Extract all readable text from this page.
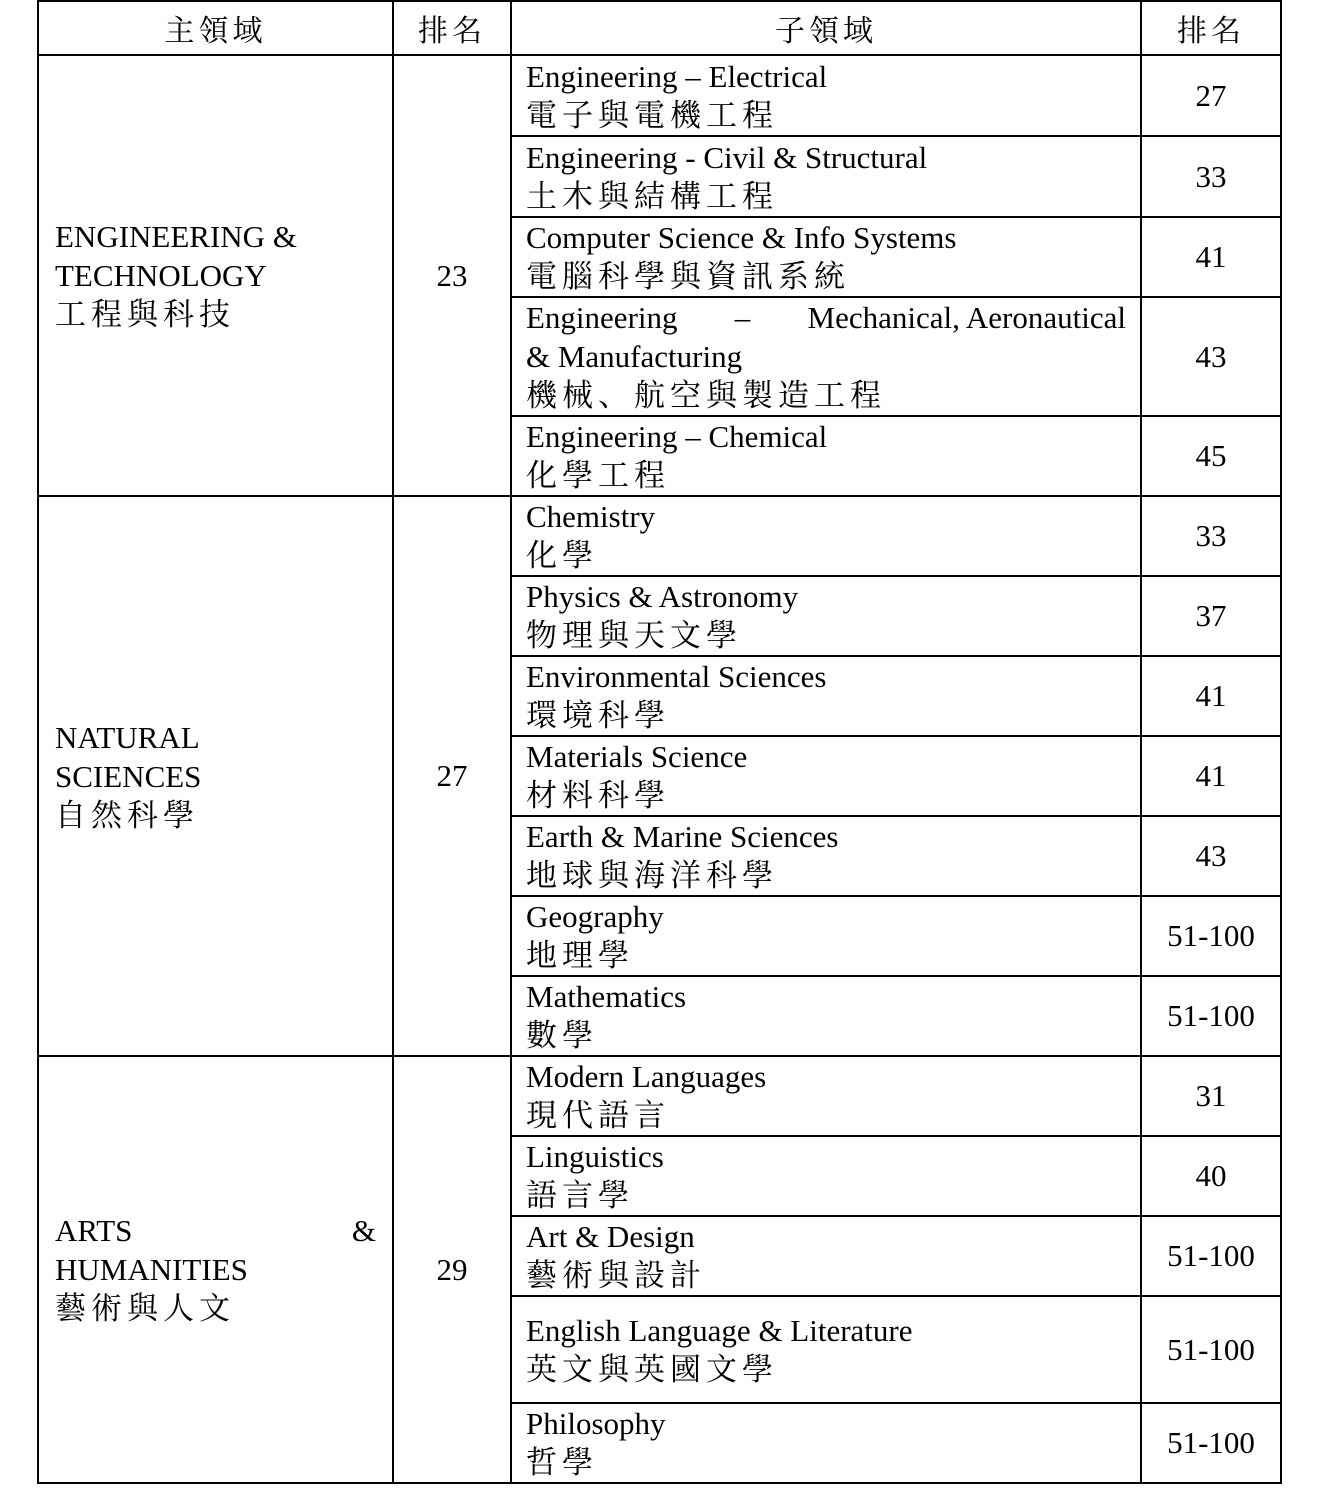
主領域	排名	子領域	排名

ENGINEERING &
TECHNOLOGY
工程與科技	23	Engineering – Electrical
電子與電機工程	27

		Engineering - Civil & Structural
土木與結構工程	33

		Computer Science & Info Systems
電腦科學與資訊系統	41

		Engineering – Mechanical, Aeronautical
& Manufacturing
機械、航空與製造工程	43

		Engineering – Chemical
化學工程	45

NATURAL
SCIENCES
自然科學	27	Chemistry
化學	33

		Physics & Astronomy
物理與天文學	37

		Environmental Sciences
環境科學	41

		Materials Science
材料科學	41

		Earth & Marine Sciences
地球與海洋科學	43

		Geography
地理學	51-100

		Mathematics
數學	51-100

ARTS &
HUMANITIES
藝術與人文	29	Modern Languages
現代語言	31

		Linguistics
語言學	40

		Art & Design
藝術與設計	51-100

		English Language & Literature
英文與英國文學	51-100

		Philosophy
哲學	51-100
